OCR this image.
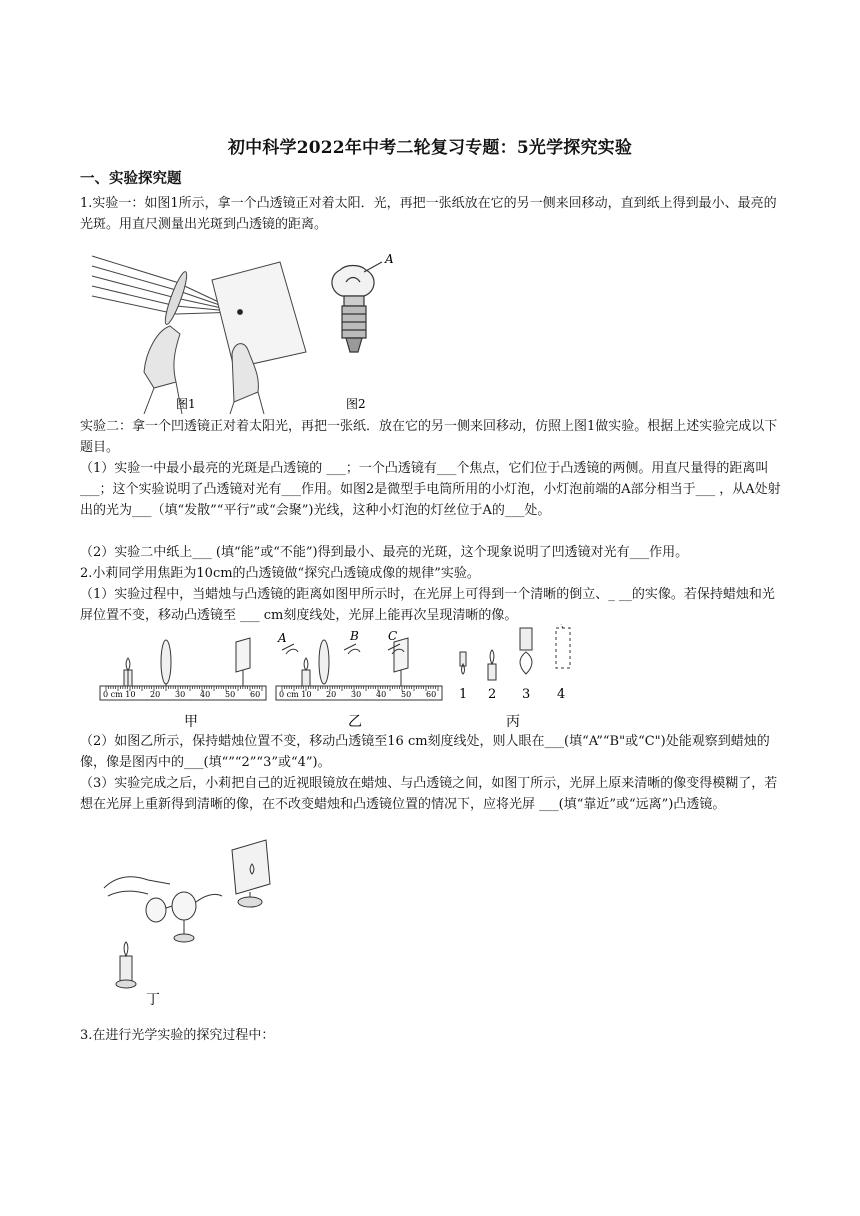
初中科学2022年中考二轮复习专题：5光学探究实验
一、实验探究题

1.实验一：如图1所示，拿一个凸透镜正对着太阳．光，再把一张纸放在它的另一侧来回移动，直到纸上得到最小、最亮的光斑。用直尺测量出光斑到凸透镜的距离。

A
图1	图2

实验二：拿一个凹透镜正对着太阳光，再把一张纸．放在它的另一侧来回移动，仿照上图1做实验。根据上述实验完成以下题目。

（1）实验一中最小最亮的光斑是凸透镜的 ___；一个凸透镜有___个焦点，它们位于凸透镜的两侧。用直尺量得的距离叫 ___；这个实验说明了凸透镜对光有___作用。如图2是微型手电筒所用的小灯泡，小灯泡前端的A部分相当于___ ，从A处射出的光为___（填“发散”“平行”或“会聚”)光线，这种小灯泡的灯丝位于A的___处。

（2）实验二中纸上___ (填“能”或“不能”)得到最小、最亮的光斑，这个现象说明了凹透镜对光有___作用。

2.小莉同学用焦距为10cm的凸透镜做“探究凸透镜成像的规律”实验。

（1）实验过程中，当蜡烛与凸透镜的距离如图甲所示时，在光屏上可得到一个清晰的倒立、_ __的实像。若保持蜡烛和光屏位置不变，移动凸透镜至 ___ cm刻度线处，光屏上能再次呈现清晰的像。

甲	乙	丙
A	B C
0 cm 10 20 30 40 50 60 0 cm 10 20 30 40 50 60 1 2 3 4

（2）如图乙所示，保持蜡烛位置不变，移动凸透镜至16 cm刻度线处，则人眼在___(填“A”“B"或“C")处能观察到蜡烛的像，像是图丙中的___(填“”“2”“3”或“4”)。

（3）实验完成之后，小莉把自己的近视眼镜放在蜡烛、与凸透镜之间，如图丁所示，光屏上原来清晰的像变得模糊了，若想在光屏上重新得到清晰的像，在不改变蜡烛和凸透镜位置的情况下，应将光屏 ___(填“靠近”或“远离”)凸透镜。

丁

3.在进行光学实验的探究过程中：
